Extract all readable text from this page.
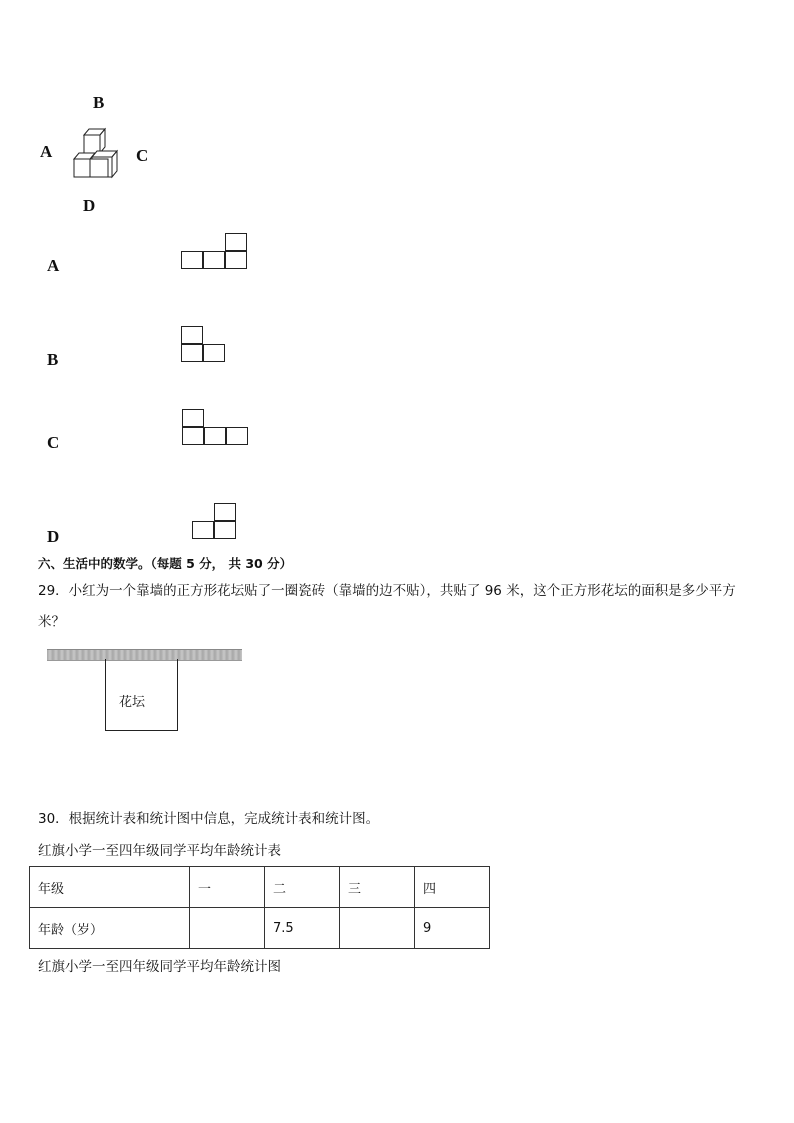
B
A	C
D
A
B
C
D
六、生活中的数学。（每题 5 分， 共 30 分）
29．小红为一个靠墙的正方形花坛贴了一圈瓷砖（靠墙的边不贴），共贴了 96 米，这个正方形花坛的面积是多少平方
米？
花坛
30．根据统计表和统计图中信息，完成统计表和统计图。
红旗小学一至四年级同学平均年龄统计表
年级	一	二	三	四
年龄（岁）		7.5		9
红旗小学一至四年级同学平均年龄统计图
